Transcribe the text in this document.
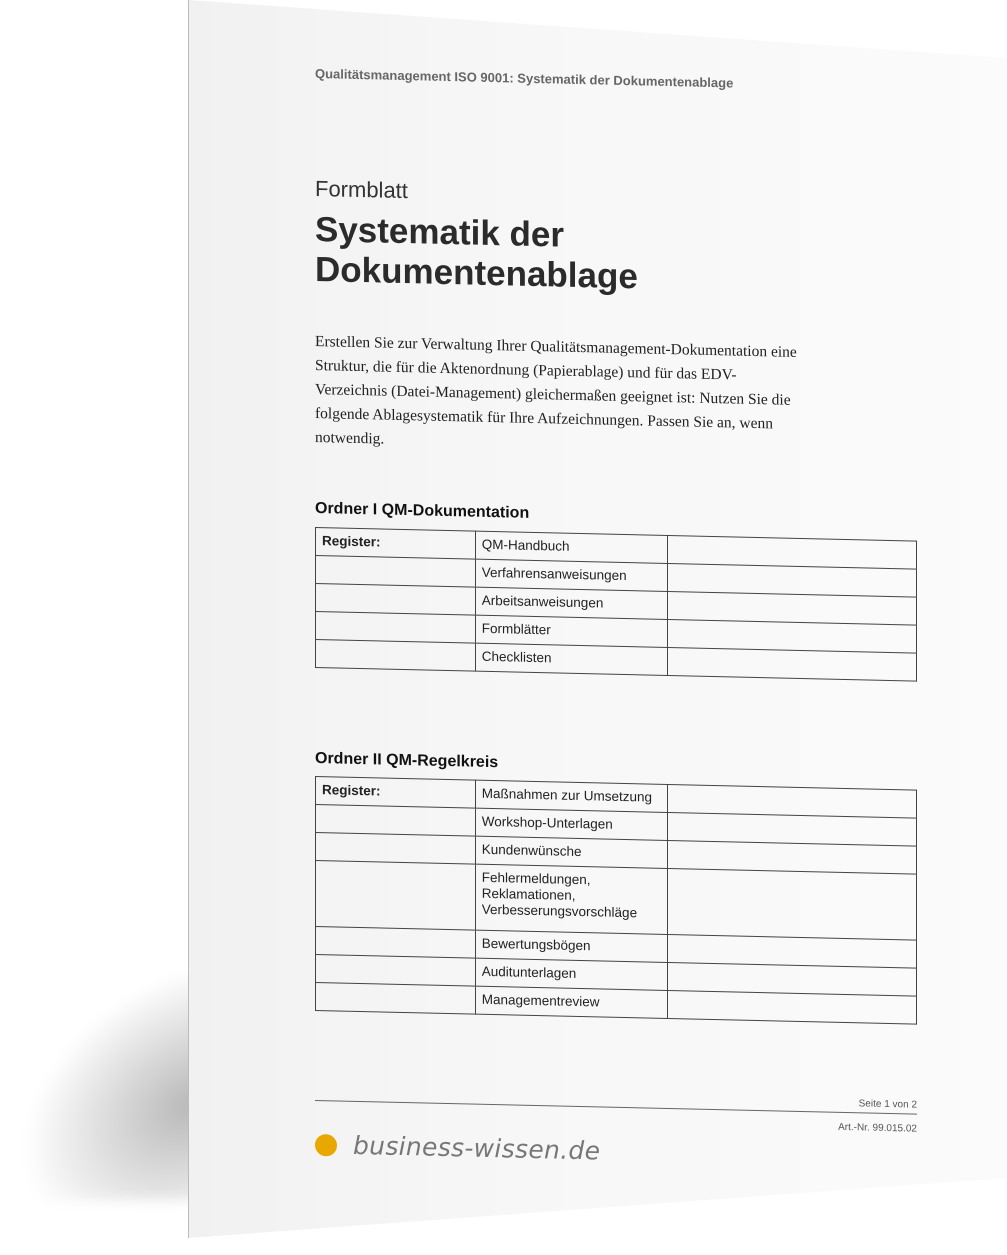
Qualitätsmanagement ISO 9001: Systematik der Dokumentenablage
Formblatt
Systematik der
Dokumentenablage
Erstellen Sie zur Verwaltung Ihrer Qualitätsmanagement-Dokumentation eine Struktur, die für die Aktenordnung (Papierablage) und für das EDV-Verzeichnis (Datei-Management) gleichermaßen geeignet ist: Nutzen Sie die folgende Ablagesystematik für Ihre Aufzeichnungen. Passen Sie an, wenn notwendig.
Ordner I QM-Dokumentation
Register:	QM-Handbuch	
	Verfahrensanweisungen	
	Arbeitsanweisungen	
	Formblätter	
	Checklisten	
Ordner II QM-Regelkreis
Register:	Maßnahmen zur Umsetzung	
	Workshop-Unterlagen	
	Kundenwünsche	
	Fehlermeldungen, Reklamationen, Verbesserungsvorschläge	
	Bewertungsbögen	
	Auditunterlagen	
	Managementreview	
Seite 1 von 2
Art.-Nr. 99.015.02
business-wissen.de
